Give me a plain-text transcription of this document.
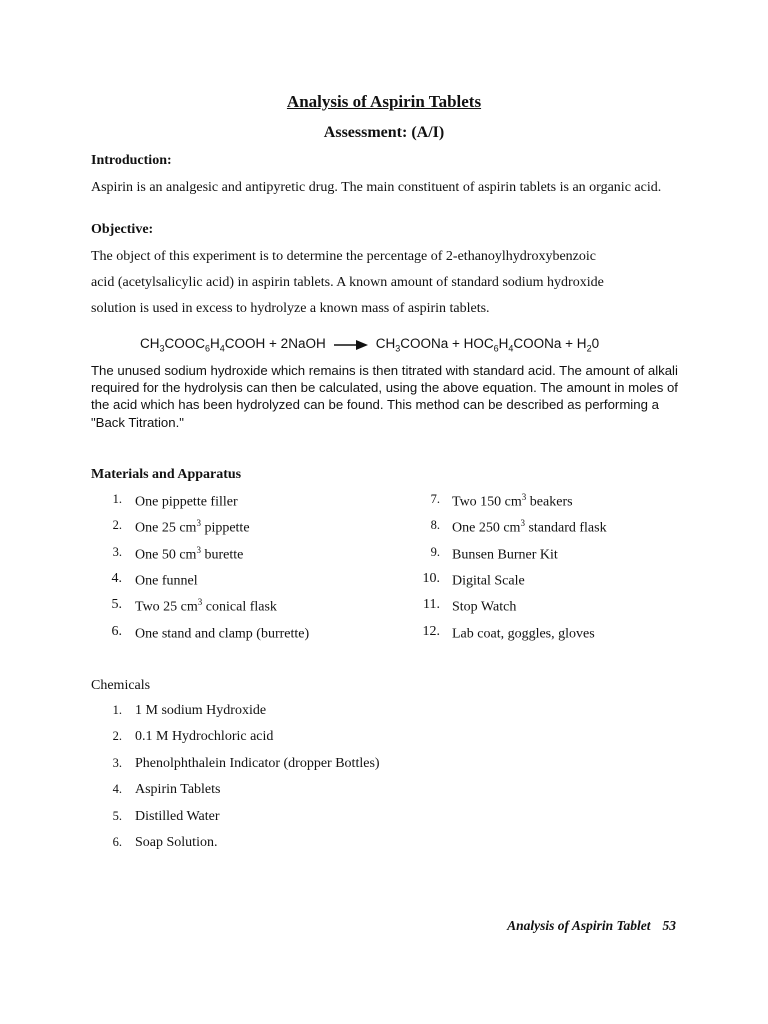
Analysis of Aspirin Tablets
Assessment: (A/I)
Introduction:
Aspirin is an analgesic and antipyretic drug. The main constituent of aspirin tablets is an organic acid.
Objective:
The object of this experiment is to determine the percentage of 2-ethanoylhydroxybenzoic
acid (acetylsalicylic acid) in aspirin tablets. A known amount of standard sodium hydroxide
solution is used in excess to hydrolyze a known mass of aspirin tablets.
$CH_3COOC_6H_4COOH$ + 2NaOH → $CH_3COONa$ + $HOC_6H_4COONa + H_20$
The unused sodium hydroxide which remains is then titrated with standard acid. The amount of alkali required for the hydrolysis can then be calculated, using the above equation. The amount in moles of the acid which has been hydrolyzed can be found. This method can be described as performing a "Back Titration."
Materials and Apparatus
1. One pippette filler
2. One 25 $cm^3$ pippette
3. One 50 $cm^3$ burette
4. One funnel
5. Two 25 $cm^3$ conical flask
6. One stand and clamp (burrette)
7. Two 150 $cm^3$ beakers
8. One 250 $cm^3$ standard flask
9. Bunsen Burner Kit
10. Digital Scale
11. Stop Watch
12. Lab coat, goggles, gloves
Chemicals
1. 1 M sodium Hydroxide
2. 0.1 M Hydrochloric acid
3. Phenolphthalein Indicator (dropper Bottles)
4. Aspirin Tablets
5. Distilled Water
6. Soap Solution.
Analysis of Aspirin Tablet 53
